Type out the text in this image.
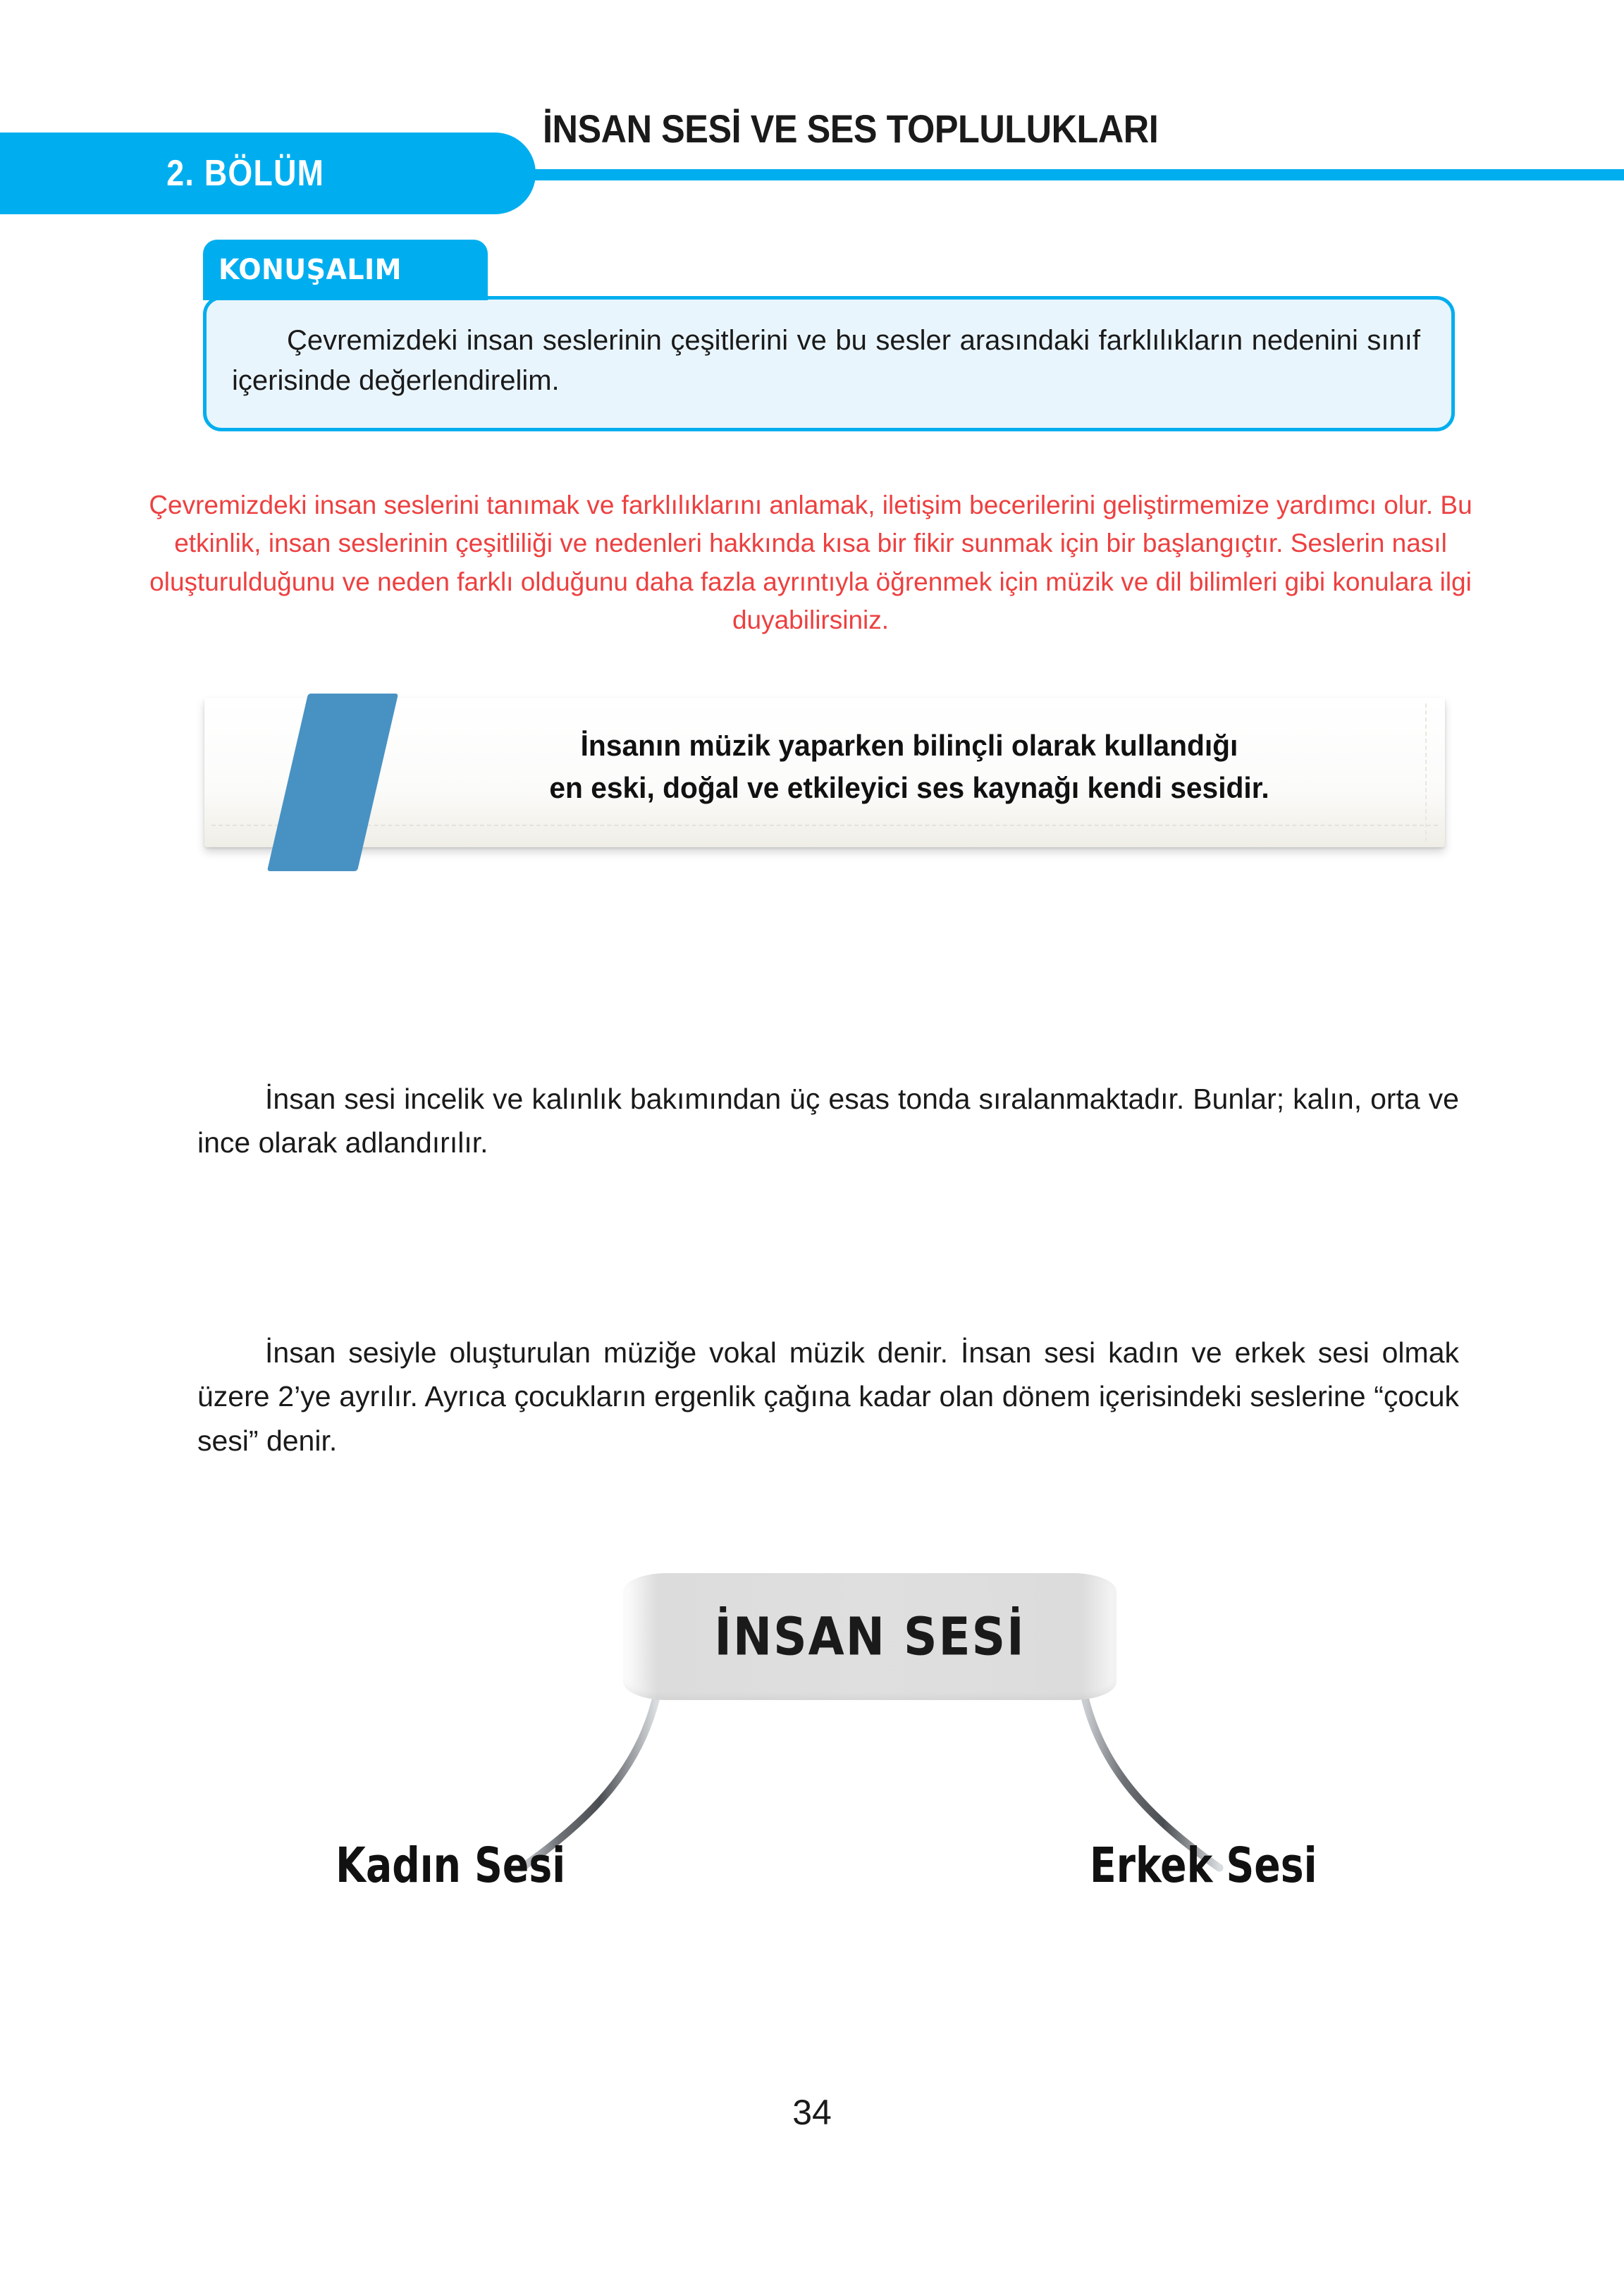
2. BÖLÜM
İNSAN SESİ VE SES TOPLULUKLARI
KONUŞALIM

Çevremizdeki insan seslerinin çeşitlerini ve bu sesler arasındaki farklılıkların nedenini sınıf içerisinde değerlendirelim.

Çevremizdeki insan seslerini tanımak ve farklılıklarını anlamak, iletişim becerilerini geliştirmemize yardımcı olur. Bu etkinlik, insan seslerinin çeşitliliği ve nedenleri hakkında kısa bir fikir sunmak için bir başlangıçtır. Seslerin nasıl oluşturulduğunu ve neden farklı olduğunu daha fazla ayrıntıyla öğrenmek için müzik ve dil bilimleri gibi konulara ilgi duyabilirsiniz.

İnsanın müzik yaparken bilinçli olarak kullandığı
en eski, doğal ve etkileyici ses kaynağı kendi sesidir.

İnsan sesi incelik ve kalınlık bakımından üç esas tonda sıralanmaktadır. Bunlar; kalın, orta ve ince olarak adlandırılır.

İnsan sesiyle oluşturulan müziğe vokal müzik denir. İnsan sesi kadın ve erkek sesi olmak üzere 2’ye ayrılır. Ayrıca çocukların ergenlik çağına kadar olan dönem içerisindeki seslerine “çocuk sesi” denir.

İNSAN SESİ
Kadın Sesi	Erkek Sesi
34
